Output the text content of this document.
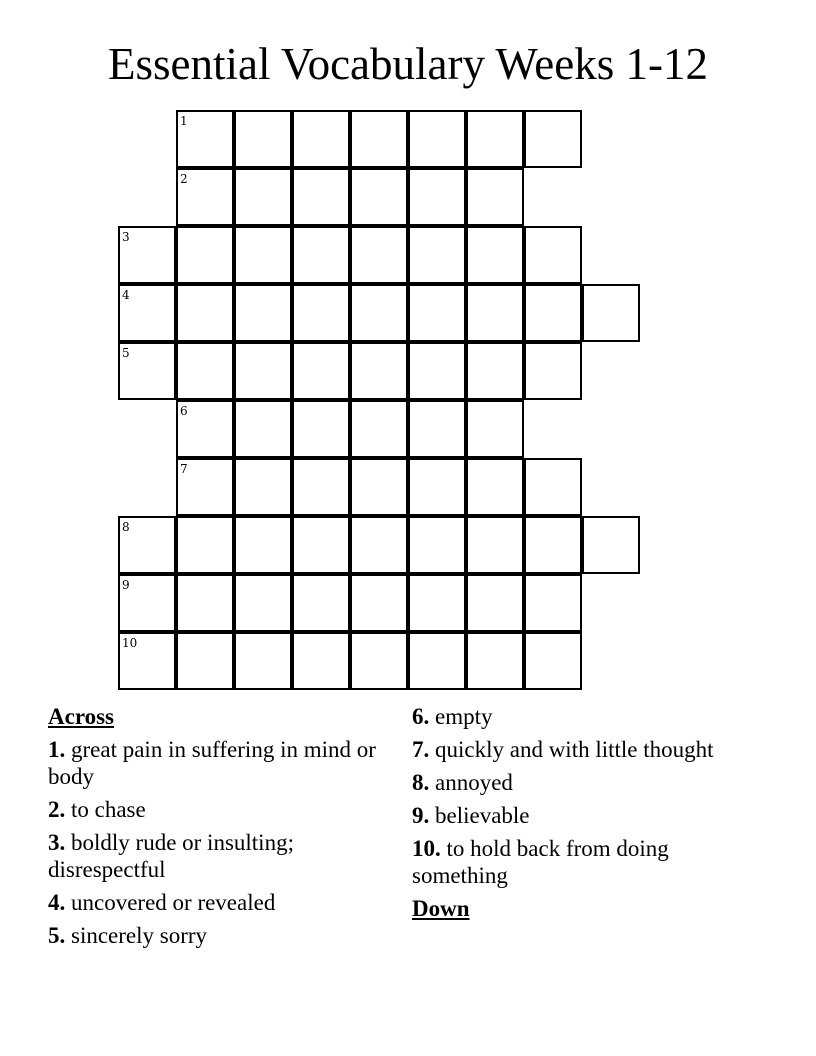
Essential Vocabulary Weeks 1-12
1
2
3
4
5
6
7
8
9
10
Across
1. great pain in suffering in mind or body
2. to chase
3. boldly rude or insulting; disrespectful
4. uncovered or revealed
5. sincerely sorry
6. empty
7. quickly and with little thought
8. annoyed
9. believable
10. to hold back from doing something
Down
